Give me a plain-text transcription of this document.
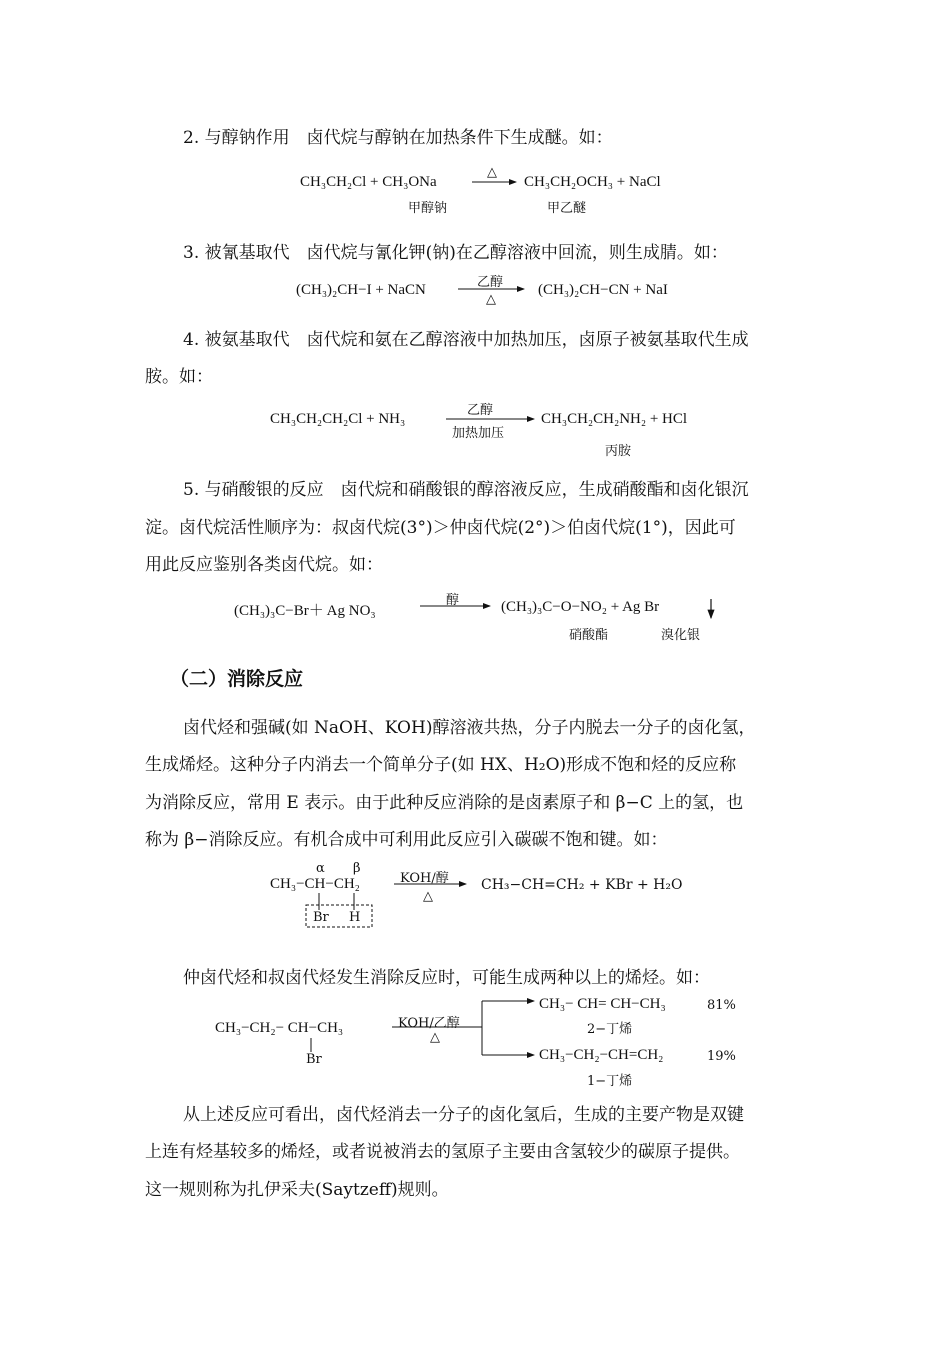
2. 与醇钠作用　卤代烷与醇钠在加热条件下生成醚。如：
CH₃CH₂Cl + CH₃ONa
△
CH₃CH₂OCH₃ + NaCl
甲醇钠	甲乙醚
3. 被氰基取代　卤代烷与氰化钾(钠)在乙醇溶液中回流，则生成腈。如：
(CH₃)₂CH−I + NaCN	乙醇
△
(CH₃)₂CH−CN + NaI
4. 被氨基取代　卤代烷和氨在乙醇溶液中加热加压，卤原子被氨基取代生成
胺。如：
CH₃CH₂CH₂Cl + NH₃
乙醇
加热加压
CH₃CH₂CH₂NH₂ + HCl
丙胺
5. 与硝酸银的反应　卤代烷和硝酸银的醇溶液反应，生成硝酸酯和卤化银沉
淀。卤代烷活性顺序为：叔卤代烷(3°)＞仲卤代烷(2°)＞伯卤代烷(1°)，因此可
用此反应鉴别各类卤代烷。如：
(CH₃)₃C−Br＋ Ag NO₃
醇	(CH₃)₃C−O−NO₂ + Ag Br
硝酸酯	溴化银
（二）消除反应
卤代烃和强碱(如 NaOH、KOH)醇溶液共热，分子内脱去一分子的卤化氢，
生成烯烃。这种分子内消去一个简单分子(如 HX、H₂O)形成不饱和烃的反应称
为消除反应，常用 E 表示。由于此种反应消除的是卤素原子和 β−C 上的氢，也
称为 β−消除反应。有机合成中可利用此反应引入碳碳不饱和键。如：
α β
CH₃−CH−CH₂
Br H
KOH/醇
△
CH₃−CH=CH₂ + KBr + H₂O
仲卤代烃和叔卤代烃发生消除反应时，可能生成两种以上的烯烃。如：
CH₃−CH₂− CH−CH₃
Br
KOH/乙醇
△
CH₃− CH= CH−CH₃	81%
2−丁烯
CH₃−CH₂−CH=CH₂	19%
1−丁烯
从上述反应可看出，卤代烃消去一分子的卤化氢后，生成的主要产物是双键
上连有烃基较多的烯烃，或者说被消去的氢原子主要由含氢较少的碳原子提供。
这一规则称为扎伊采夫(Saytzeff)规则。
